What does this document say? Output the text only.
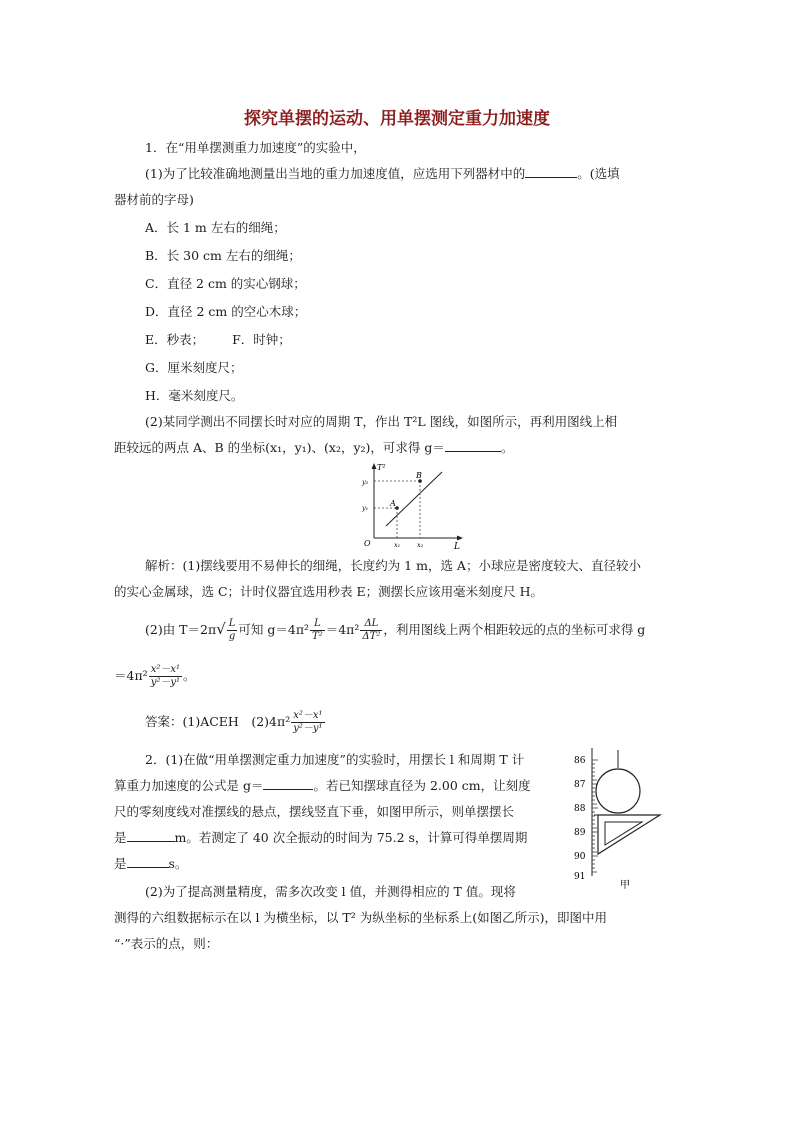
探究单摆的运动、用单摆测定重力加速度
1．在“用单摆测重力加速度”的实验中，
(1)为了比较准确地测量出当地的重力加速度值，应选用下列器材中的	。(选填
器材前的字母)
A．长 1 m 左右的细绳；
B．长 30 cm 左右的细绳；
C．直径 2 cm 的实心钢球；
D．直径 2 cm 的空心木球；
E．秒表； F．时钟；
G．厘米刻度尺；
H．毫米刻度尺。
(2)某同学测出不同摆长时对应的周期 T，作出 T²​L 图线，如图所示，再利用图线上相
距较远的两点 A、B 的坐标(x₁，y₁)、(x₂，y₂)，可求得 g＝	。
T²
L
O
A
B
x₁	x₂
y₁
y₂
解析：(1)摆线要用不易伸长的细绳，长度约为 1 m，选 A；小球应是密度较大、直径较小
的实心金属球，选 C；计时仪器宜选用秒表 E；测摆长应该用毫米刻度尺 H。
(2)由 $T=2\pi√ \frac{L}{g}$ 可知 $g=4\pi^2 \frac{L}{\text{T²}} =4\pi^2 \frac{\Delta L}{\text{ΔT²}}$ ，利用图线上两个相距较远的点的坐标可求得 g
$=4\pi^2 \frac{\text{x²－x¹}}{\text{y²－y¹}}$ 。
答案：(1)ACEH　$(2)4\pi^2 \frac{\text{x²－x¹}}{\text{y²－y¹}}$
2．(1)在做“用单摆测定重力加速度”的实验时，用摆长 l 和周期 T 计
算重力加速度的公式是 g＝	。若已知摆球直径为 2.00 cm，让刻度
尺的零刻度线对准摆线的悬点，摆线竖直下垂，如图甲所示，则单摆摆长
是	m。若测定了 40 次全振动的时间为 75.2 s，计算可得单摆周期
是	s。
(2)为了提高测量精度，需多次改变 l 值，并测得相应的 T 值。现将
测得的六组数据标示在以 l 为横坐标，以 T² 为纵坐标的坐标系上(如图乙所示)，即图中用
“·”表示的点，则：
86
87
88
89
90
91
甲
